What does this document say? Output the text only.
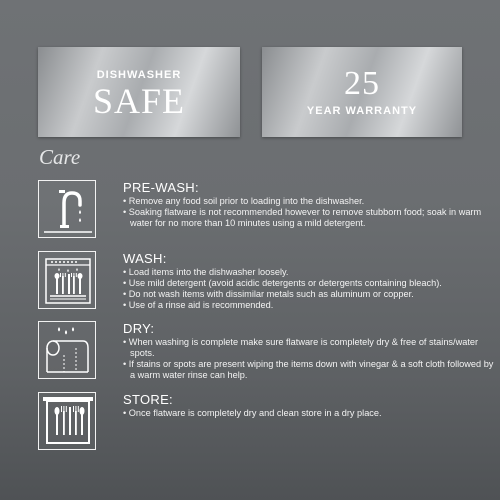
DISHWASHER
SAFE	25
YEAR WARRANTY
Care
PRE-WASH:
• Remove any food soil prior to loading into the dishwasher.
• Soaking flatware is not recommended however to remove stubborn food; soak in warm water for no more than 10 minutes using a mild detergent.
WASH:
• Load items into the dishwasher loosely.
• Use mild detergent (avoid acidic detergents or detergents containing bleach).
• Do not wash items with dissimilar metals such as aluminum or copper.
• Use of a rinse aid is recommended.
DRY:
• When washing is complete make sure flatware is completely dry & free of stains/water spots.
• If stains or spots are present wiping the items down with vinegar & a soft cloth followed by a warm water rinse can help.
STORE:
• Once flatware is completely dry and clean store in a dry place.
